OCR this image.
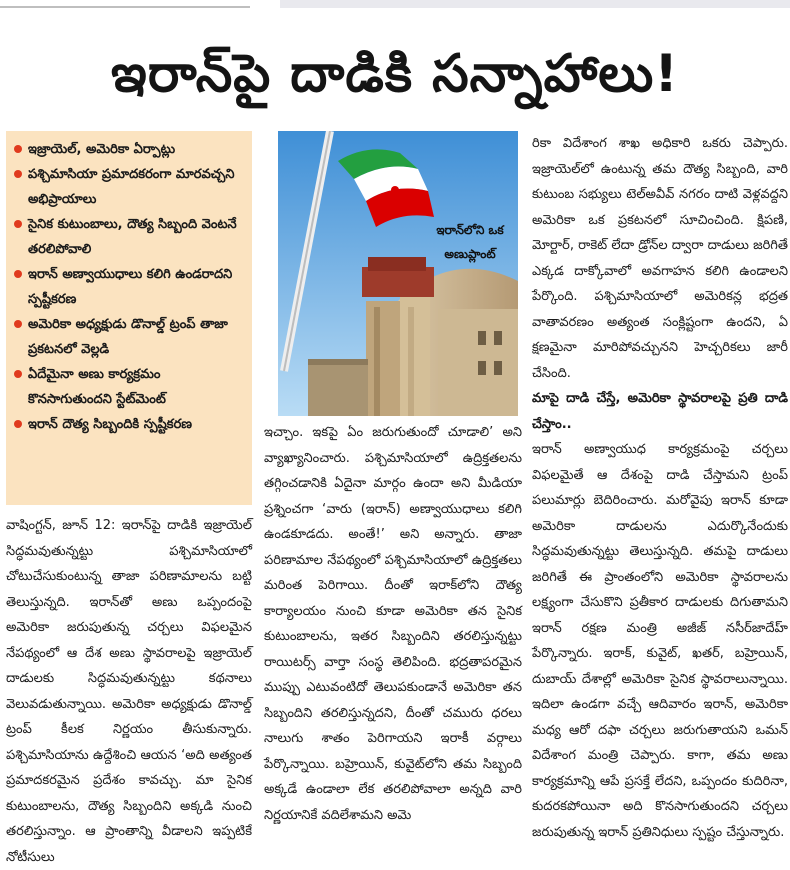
ఇరాన్‌పై దాడికి సన్నాహాలు!
ఇజ్రాయెల్, అమెరికా ఏర్పాట్లు
పశ్చిమాసియా ప్రమాదకరంగా మారవచ్చని అభిప్రాయాలు
సైనిక కుటుంబాలు, దౌత్య సిబ్బంది వెంటనే తరలిపోవాలి
ఇరాన్ అణ్వాయుధాలు కలిగి ఉండరాదని స్పష్టీకరణ
అమెరికా అధ్యక్షుడు డొనాల్డ్ ట్రంప్ తాజా ప్రకటనలో వెల్లడి
ఏదేమైనా అణు కార్యక్రమం కొనసాగుతుందని స్టేట్‌మెంట్
ఇరాన్ దౌత్య సిబ్బందికి స్పష్టీకరణ
ఇరాన్‌లోని ఒక అణుప్లాంట్

వాషింగ్టన్, జూన్ 12: ఇరాన్‌పై దాడికి ఇజ్రాయెల్ సిద్ధమవుతున్నట్టు పశ్చిమాసియాలో చోటుచేసుకుంటున్న తాజా పరిణామాలను బట్టి తెలుస్తున్నది. ఇరాన్‌తో అణు ఒప్పందంపై అమెరికా జరుపుతున్న చర్చలు విఫలమైన నేపథ్యంలో ఆ దేశ అణు స్థావరాలపై ఇజ్రాయెల్ దాడులకు సిద్ధమవుతున్నట్టు కథనాలు వెలువడుతున్నాయి. అమెరికా అధ్యక్షుడు డొనాల్డ్ ట్రంప్ కీలక నిర్ణయం తీసుకున్నారు. పశ్చిమాసియాను ఉద్దేశించి ఆయన ‘అది అత్యంత ప్రమాదకరమైన ప్రదేశం కావచ్చు. మా సైనిక కుటుంబాలను, దౌత్య సిబ్బందిని అక్కడి నుంచి తరలిస్తున్నాం. ఆ ప్రాంతాన్ని వీడాలని ఇప్పటికే నోటీసులు

ఇచ్చాం. ఇకపై ఏం జరుగుతుందో చూడాలి’ అని వ్యాఖ్యానించారు. పశ్చిమాసియాలో ఉద్రిక్తతలను తగ్గించడానికి ఏదైనా మార్గం ఉందా అని మీడియా ప్రశ్నించగా ‘వారు (ఇరాన్) అణ్వాయుధాలు కలిగి ఉండకూడదు. అంతే!’ అని అన్నారు. తాజా పరిణామాల నేపథ్యంలో పశ్చిమాసియాలో ఉద్రిక్తతలు మరింత పెరిగాయి. దీంతో ఇరాక్‌లోని దౌత్య కార్యాలయం నుంచి కూడా అమెరికా తన సైనిక కుటుంబాలను, ఇతర సిబ్బందిని తరలిస్తున్నట్టు రాయిటర్స్ వార్తా సంస్థ తెలిపింది. భద్రతాపరమైన ముప్పు ఎటువంటిదో తెలుపకుండానే అమెరికా తన సిబ్బందిని తరలిస్తున్నదని, దీంతో చమురు ధరలు నాలుగు శాతం పెరిగాయని ఇరాకీ వర్గాలు పేర్కొన్నాయి. బహ్రెయిన్, కువైట్‌లోని తమ సిబ్బంది అక్కడే ఉండాలా లేక తరలిపోవాలా అన్నది వారి నిర్ణయానికే వదిలేశామని అమె

రికా విదేశాంగ శాఖ అధికారి ఒకరు చెప్పారు. ఇజ్రాయెల్‌లో ఉంటున్న తమ దౌత్య సిబ్బంది, వారి కుటుంబ సభ్యులు టెల్అవీవ్ నగరం దాటి వెళ్లవద్దని అమెరికా ఒక ప్రకటనలో సూచించింది. క్షిపణి, మోర్టార్, రాకెట్ లేదా డ్రోన్‌ల ద్వారా దాడులు జరిగితే ఎక్కడ దాక్కోవాలో అవగాహన కలిగి ఉండాలని పేర్కొంది. పశ్చిమాసియాలో అమెరికన్ల భద్రత వాతావరణం అత్యంత సంక్లిష్టంగా ఉందని, ఏ క్షణమైనా మారిపోవచ్చునని హెచ్చరికలు జారీ చేసింది.

మాపై దాడి చేస్తే, అమెరికా స్థావరాలపై ప్రతి దాడి చేస్తాం..

ఇరాన్ అణ్వాయుధ కార్యక్రమంపై చర్చలు విఫలమైతే ఆ దేశంపై దాడి చేస్తామని ట్రంప్ పలుమార్లు బెదిరించారు. మరోవైపు ఇరాన్ కూడా అమెరికా దాడులను ఎదుర్కొనేందుకు సిద్ధమవుతున్నట్టు తెలుస్తున్నది. తమపై దాడులు జరిగితే ఈ ప్రాంతంలోని అమెరికా స్థావరాలను లక్ష్యంగా చేసుకొని ప్రతీకార దాడులకు దిగుతామని ఇరాన్ రక్షణ మంత్రి అజీజ్ నసీర్‌జాదేహ్ పేర్కొన్నారు. ఇరాక్, కువైట్, ఖతర్, బహ్రెయిన్, దుబాయ్ దేశాల్లో అమెరికా సైనిక స్థావరాలున్నాయి. ఇదిలా ఉండగా వచ్చే ఆదివారం ఇరాన్, అమెరికా మధ్య ఆరో దఫా చర్చలు జరుగుతాయని ఒమన్ విదేశాంగ మంత్రి చెప్పారు. కాగా, తమ అణు కార్యక్రమాన్ని ఆపే ప్రసక్తే లేదని, ఒప్పందం కుదిరినా, కుదరకపోయినా అది కొనసాగుతుందని చర్చలు జరుపుతున్న ఇరాన్ ప్రతినిధులు స్పష్టం చేస్తున్నారు.
